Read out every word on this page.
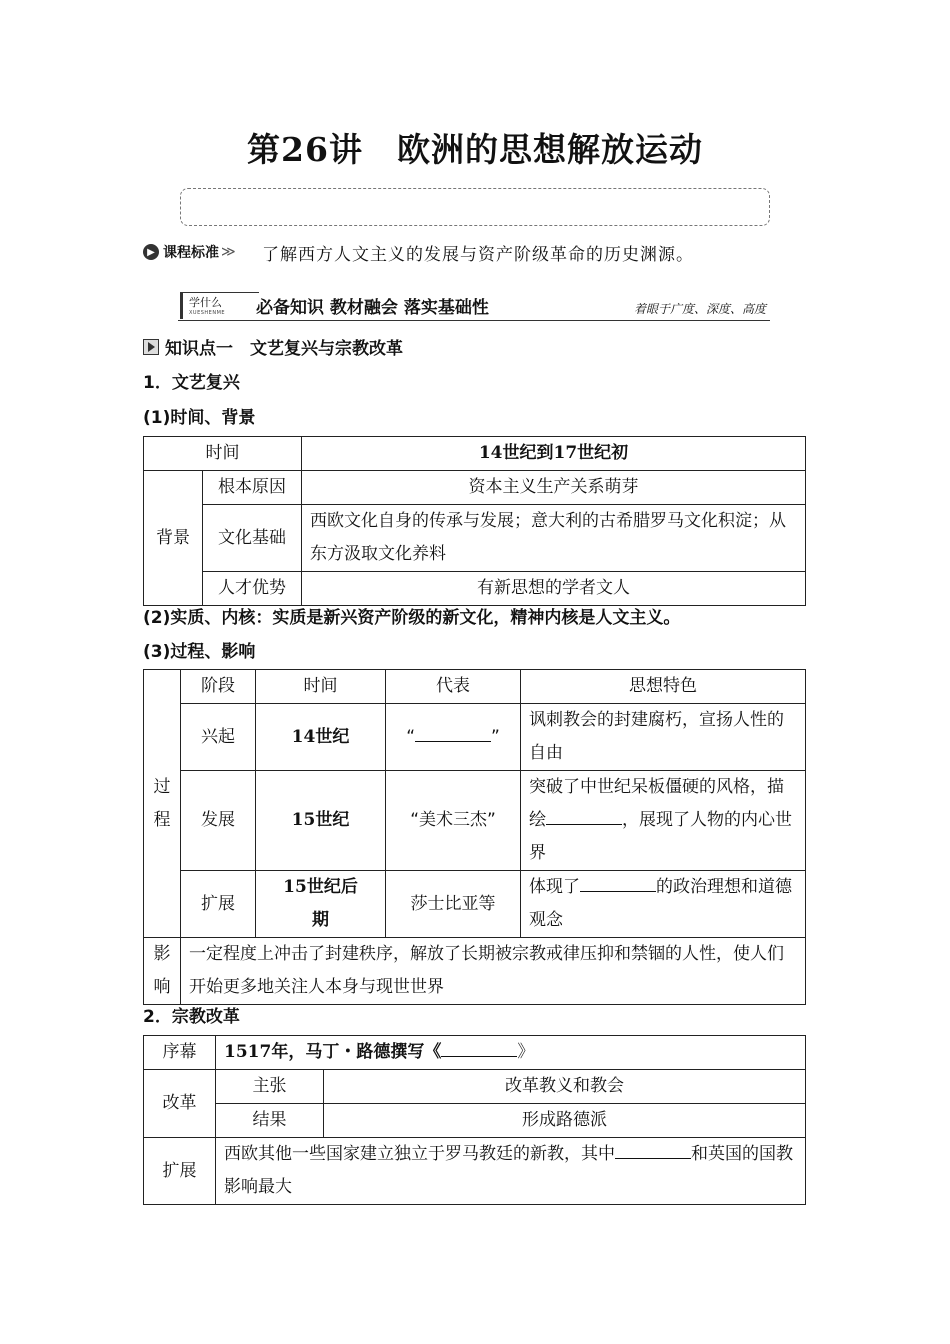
第26讲　欧洲的思想解放运动
▶ 课程标准 ≫ 了解西方人文主义的发展与资产阶级革命的历史渊源。
学什么
XUESHENME 必备知识 教材融会 落实基础性	着眼于广度、深度、高度
知识点一　文艺复兴与宗教改革
1．文艺复兴
(1)时间、背景
时间		14世纪到17世纪初
背景	根本原因	资本主义生产关系萌芽
	文化基础	西欧文化自身的传承与发展；意大利的古希腊罗马文化积淀；从东方汲取文化养料
	人才优势	有新思想的学者文人
(2)实质、内核：实质是新兴资产阶级的新文化，精神内核是人文主义。
(3)过程、影响
过程	阶段	时间	代表	思想特色
	兴起	14世纪	“ ”	讽刺教会的封建腐朽，宣扬人性的自由
	发展	15世纪	“美术三杰”	突破了中世纪呆板僵硬的风格，描绘 ，展现了人物的内心世界
	扩展	15世纪后期	莎士比亚等	体现了 的政治理想和道德观念
影响	一定程度上冲击了封建秩序，解放了长期被宗教戒律压抑和禁锢的人性，使人们开始更多地关注人本身与现世世界			
2．宗教改革
序幕	1517年，马丁・路德撰写《 》	
改革	主张	改革教义和教会
	结果	形成路德派
扩展	西欧其他一些国家建立独立于罗马教廷的新教，其中 和英国的国教影响最大	
